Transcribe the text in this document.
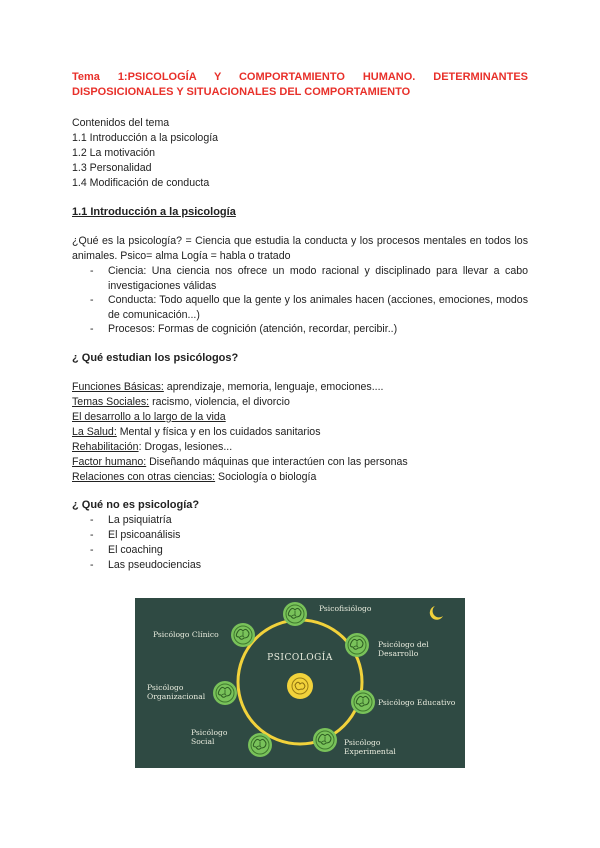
Tema 1:PSICOLOGÍA Y COMPORTAMIENTO HUMANO. DETERMINANTES
DISPOSICIONALES Y SITUACIONALES DEL COMPORTAMIENTO
Contenidos del tema
1.1 Introducción a la psicología
1.2 La motivación
1.3 Personalidad
1.4 Modificación de conducta
1.1 Introducción a la psicología
¿Qué es la psicología? = Ciencia que estudia la conducta y los procesos mentales en todos los animales. Psico= alma Logía = habla o tratado
- Ciencia: Una ciencia nos ofrece un modo racional y disciplinado para llevar a cabo investigaciones válidas
- Conducta: Todo aquello que la gente y los animales hacen (acciones, emociones, modos de comunicación...)
- Procesos: Formas de cognición (atención, recordar, percibir..)
¿ Qué estudian los psicólogos?
Funciones Básicas: aprendizaje, memoria, lenguaje, emociones....
Temas Sociales: racismo, violencia, el divorcio
El desarrollo a lo largo de la vida
La Salud: Mental y física y en los cuidados sanitarios
Rehabilitación: Drogas, lesiones...
Factor humano: Diseñando máquinas que interactúen con las personas
Relaciones con otras ciencias: Sociología o biología
¿ Qué no es psicología?
- La psiquiatría
- El psicoanálisis
- El coaching
- Las pseudociencias
Psicofisiólogo
Psicólogo Clínico
Psicólogo del Desarrollo
Psicólogo Organizacional
Psicólogo Educativo
Psicólogo Social	Psicólogo Experimental
PSICOLOGÍA
